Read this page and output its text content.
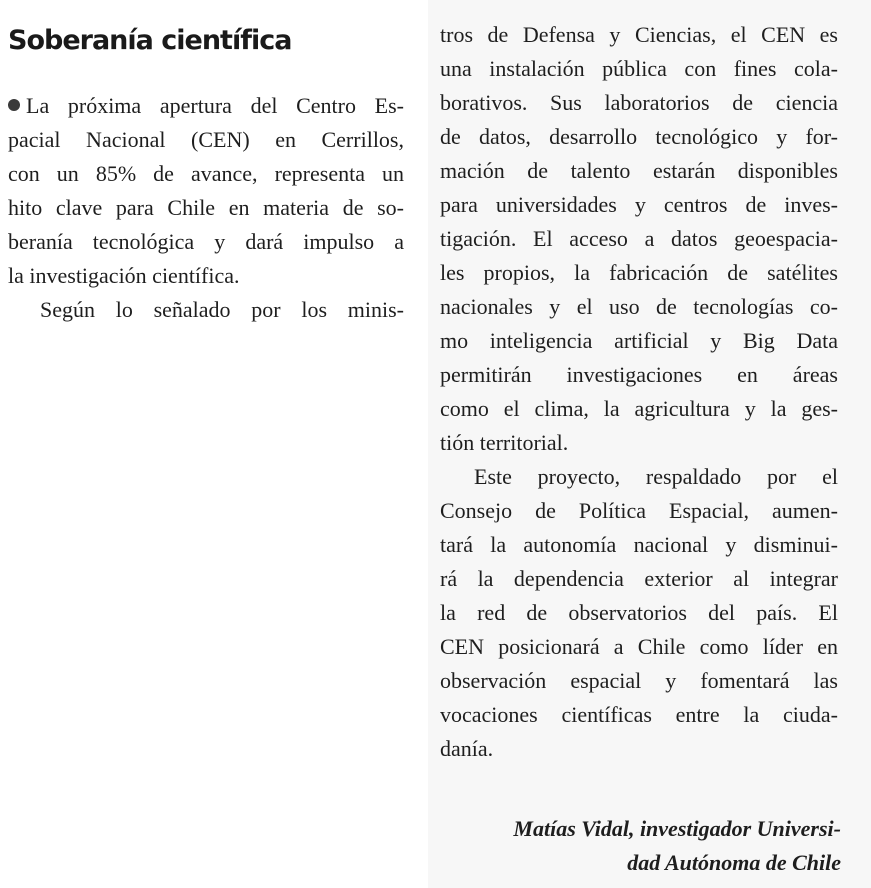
Soberanía científica
La próxima apertura del Centro Es-
pacial Nacional (CEN) en Cerrillos,
con un 85% de avance, representa un
hito clave para Chile en materia de so-
beranía tecnológica y dará impulso a
la investigación científica.
Según lo señalado por los minis-
tros de Defensa y Ciencias, el CEN es
una instalación pública con fines cola-
borativos. Sus laboratorios de ciencia
de datos, desarrollo tecnológico y for-
mación de talento estarán disponibles
para universidades y centros de inves-
tigación. El acceso a datos geoespacia-
les propios, la fabricación de satélites
nacionales y el uso de tecnologías co-
mo inteligencia artificial y Big Data
permitirán investigaciones en áreas
como el clima, la agricultura y la ges-
tión territorial.
Este proyecto, respaldado por el
Consejo de Política Espacial, aumen-
tará la autonomía nacional y disminui-
rá la dependencia exterior al integrar
la red de observatorios del país. El
CEN posicionará a Chile como líder en
observación espacial y fomentará las
vocaciones científicas entre la ciuda-
danía.
Matías Vidal, investigador Universi-
dad Autónoma de Chile
